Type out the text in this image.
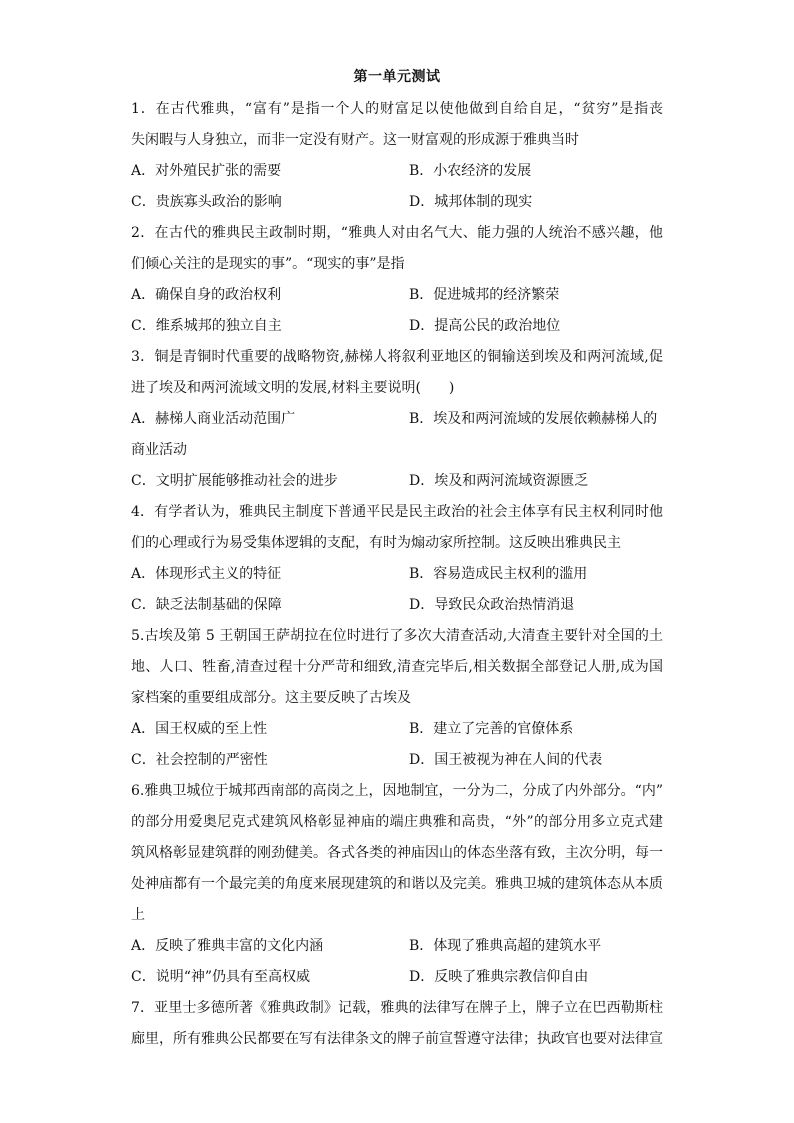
第一单元测试
1．在古代雅典，“富有”是指一个人的财富足以使他做到自给自足，“贫穷”是指丧
失闲暇与人身独立，而非一定没有财产。这一财富观的形成源于雅典当时
A．对外殖民扩张的需要	B．小农经济的发展
C．贵族寡头政治的影响	D．城邦体制的现实
2．在古代的雅典民主政制时期，“雅典人对由名气大、能力强的人统治不感兴趣，他
们倾心关注的是现实的事”。“现实的事”是指
A．确保自身的政治权利	B．促进城邦的经济繁荣
C．维系城邦的独立自主	D．提高公民的政治地位
3．铜是青铜时代重要的战略物资,赫梯人将叙利亚地区的铜输送到埃及和两河流域,促
进了埃及和两河流域文明的发展,材料主要说明(　　)
A．赫梯人商业活动范围广	B．埃及和两河流域的发展依赖赫梯人的
商业活动
C．文明扩展能够推动社会的进步	D．埃及和两河流域资源匮乏
4．有学者认为，雅典民主制度下普通平民是民主政治的社会主体享有民主权利同时他
们的心理或行为易受集体逻辑的支配，有时为煽动家所控制。这反映出雅典民主
A．体现形式主义的特征	B．容易造成民主权利的滥用
C．缺乏法制基础的保障	D．导致民众政治热情消退
5.古埃及第 5 王朝国王萨胡拉在位时进行了多次大清查活动,大清查主要针对全国的土
地、人口、牲畜,清查过程十分严苛和细致,清查完毕后,相关数据全部登记人册,成为国
家档案的重要组成部分。这主要反映了古埃及
A．国王权威的至上性	B．建立了完善的官僚体系
C．社会控制的严密性	D．国王被视为神在人间的代表
6.雅典卫城位于城邦西南部的高岗之上，因地制宜，一分为二，分成了内外部分。“内”
的部分用爱奥尼克式建筑风格彰显神庙的端庄典雅和高贵，“外”的部分用多立克式建
筑风格彰显建筑群的刚劲健美。各式各类的神庙因山的体态坐落有致，主次分明，每一
处神庙都有一个最完美的角度来展现建筑的和谐以及完美。雅典卫城的建筑体态从本质
上
A．反映了雅典丰富的文化内涵	B．体现了雅典高超的建筑水平
C．说明“神”仍具有至高权威	D．反映了雅典宗教信仰自由
7．亚里士多德所著《雅典政制》记载，雅典的法律写在牌子上，牌子立在巴西勒斯柱
廊里，所有雅典公民都要在写有法律条文的牌子前宣誓遵守法律；执政官也要对法律宣
